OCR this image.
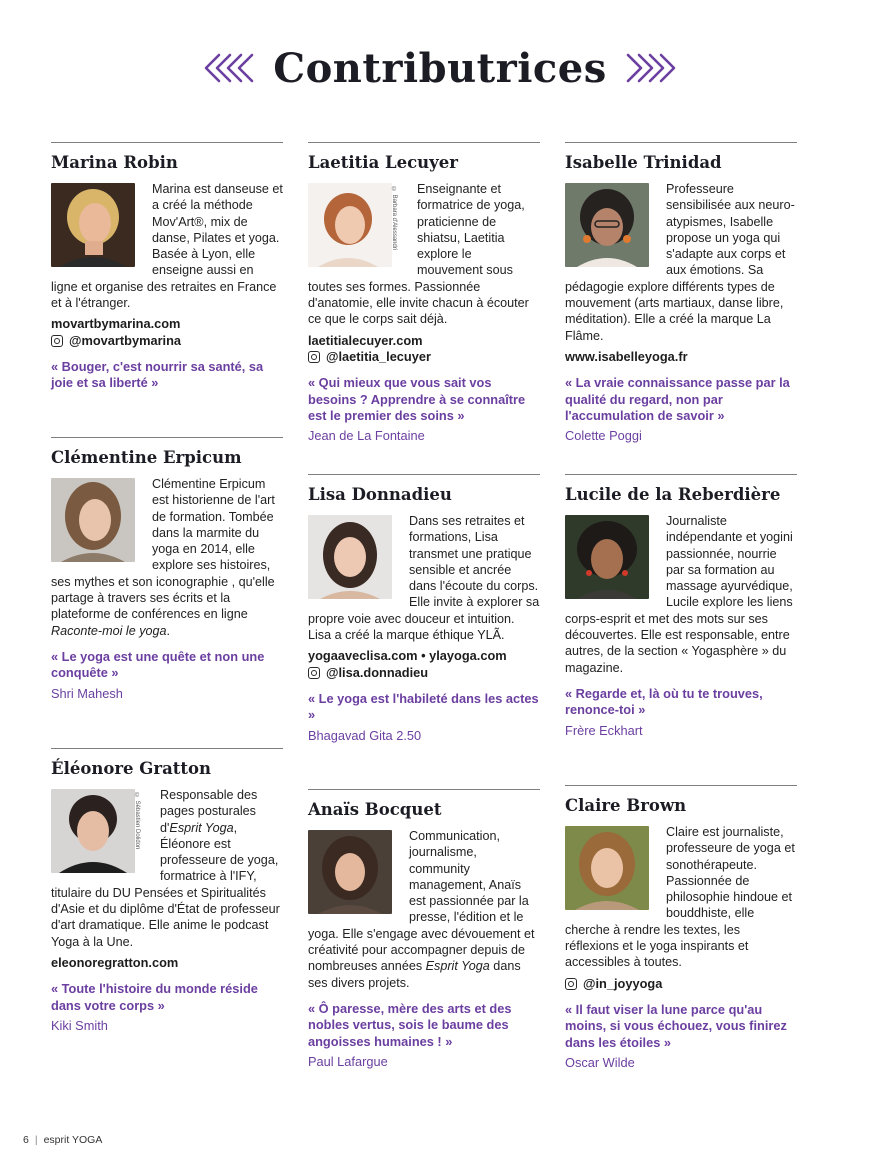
Contributrices
Marina Robin
Marina est danseuse et a créé la méthode Mov'Art®, mix de danse, Pilates et yoga. Basée à Lyon, elle enseigne aussi en ligne et organise des retraites en France et à l'étranger.
movartbymarina.com
@movartbymarina
« Bouger, c'est nourrir sa santé, sa joie et sa liberté »
Clémentine Erpicum
Clémentine Erpicum est historienne de l'art de formation. Tombée dans la marmite du yoga en 2014, elle explore ses histoires, ses mythes et son iconographie , qu'elle partage à travers ses écrits et la plateforme de conférences en ligne Raconte-moi le yoga.
« Le yoga est une quête et non une conquête »
Shri Mahesh
Éléonore Gratton
© Sébastien Dolidon	Responsable des pages posturales d'Esprit Yoga, Éléonore est professeure de yoga, formatrice à l'IFY, titulaire du DU Pensées et Spiritualités d'Asie et du diplôme d'État de professeur d'art dramatique. Elle anime le podcast Yoga à la Une.
eleonoregratton.com
« Toute l'histoire du monde réside dans votre corps »
Kiki Smith
Laetitia Lecuyer
© Barbara d'Alessandri	Enseignante et formatrice de yoga, praticienne de shiatsu, Laetitia explore le mouvement sous toutes ses formes. Passionnée d'anatomie, elle invite chacun à écouter ce que le corps sait déjà.
laetitialecuyer.com
@laetitia_lecuyer
« Qui mieux que vous sait vos besoins ? Apprendre à se connaître est le premier des soins »
Jean de La Fontaine
Lisa Donnadieu
Dans ses retraites et formations, Lisa transmet une pratique sensible et ancrée dans l'écoute du corps. Elle invite à explorer sa propre voie avec douceur et intuition. Lisa a créé la marque éthique YLÃ.
yogaaveclisa.com • ylayoga.com
@lisa.donnadieu
« Le yoga est l'habileté dans les actes »
Bhagavad Gita 2.50
Anaïs Bocquet
Communication, journalisme, community management, Anaïs est passionnée par la presse, l'édition et le yoga. Elle s'engage avec dévouement et créativité pour accompagner depuis de nombreuses années Esprit Yoga dans ses divers projets.
« Ô paresse, mère des arts et des nobles vertus, sois le baume des angoisses humaines ! »
Paul Lafargue
Isabelle Trinidad
Professeure sensibilisée aux neuro-atypismes, Isabelle propose un yoga qui s'adapte aux corps et aux émotions. Sa pédagogie explore différents types de mouvement (arts martiaux, danse libre, méditation). Elle a créé la marque La Flâme.
www.isabelleyoga.fr
« La vraie connaissance passe par la qualité du regard, non par l'accumulation de savoir »
Colette Poggi
Lucile de la Reberdière
Journaliste indépendante et yogini passionnée, nourrie par sa formation au massage ayurvédique, Lucile explore les liens corps-esprit et met des mots sur ses découvertes. Elle est responsable, entre autres, de la section « Yogasphère » du magazine.
« Regarde et, là où tu te trouves, renonce-toi »
Frère Eckhart
Claire Brown
Claire est journaliste, professeure de yoga et sonothérapeute. Passionnée de philosophie hindoue et bouddhiste, elle cherche à rendre les textes, les réflexions et le yoga inspirants et accessibles à toutes.
@in_joyyoga
« Il faut viser la lune parce qu'au moins, si vous échouez, vous finirez dans les étoiles »
Oscar Wilde
6 | esprit YOGA
